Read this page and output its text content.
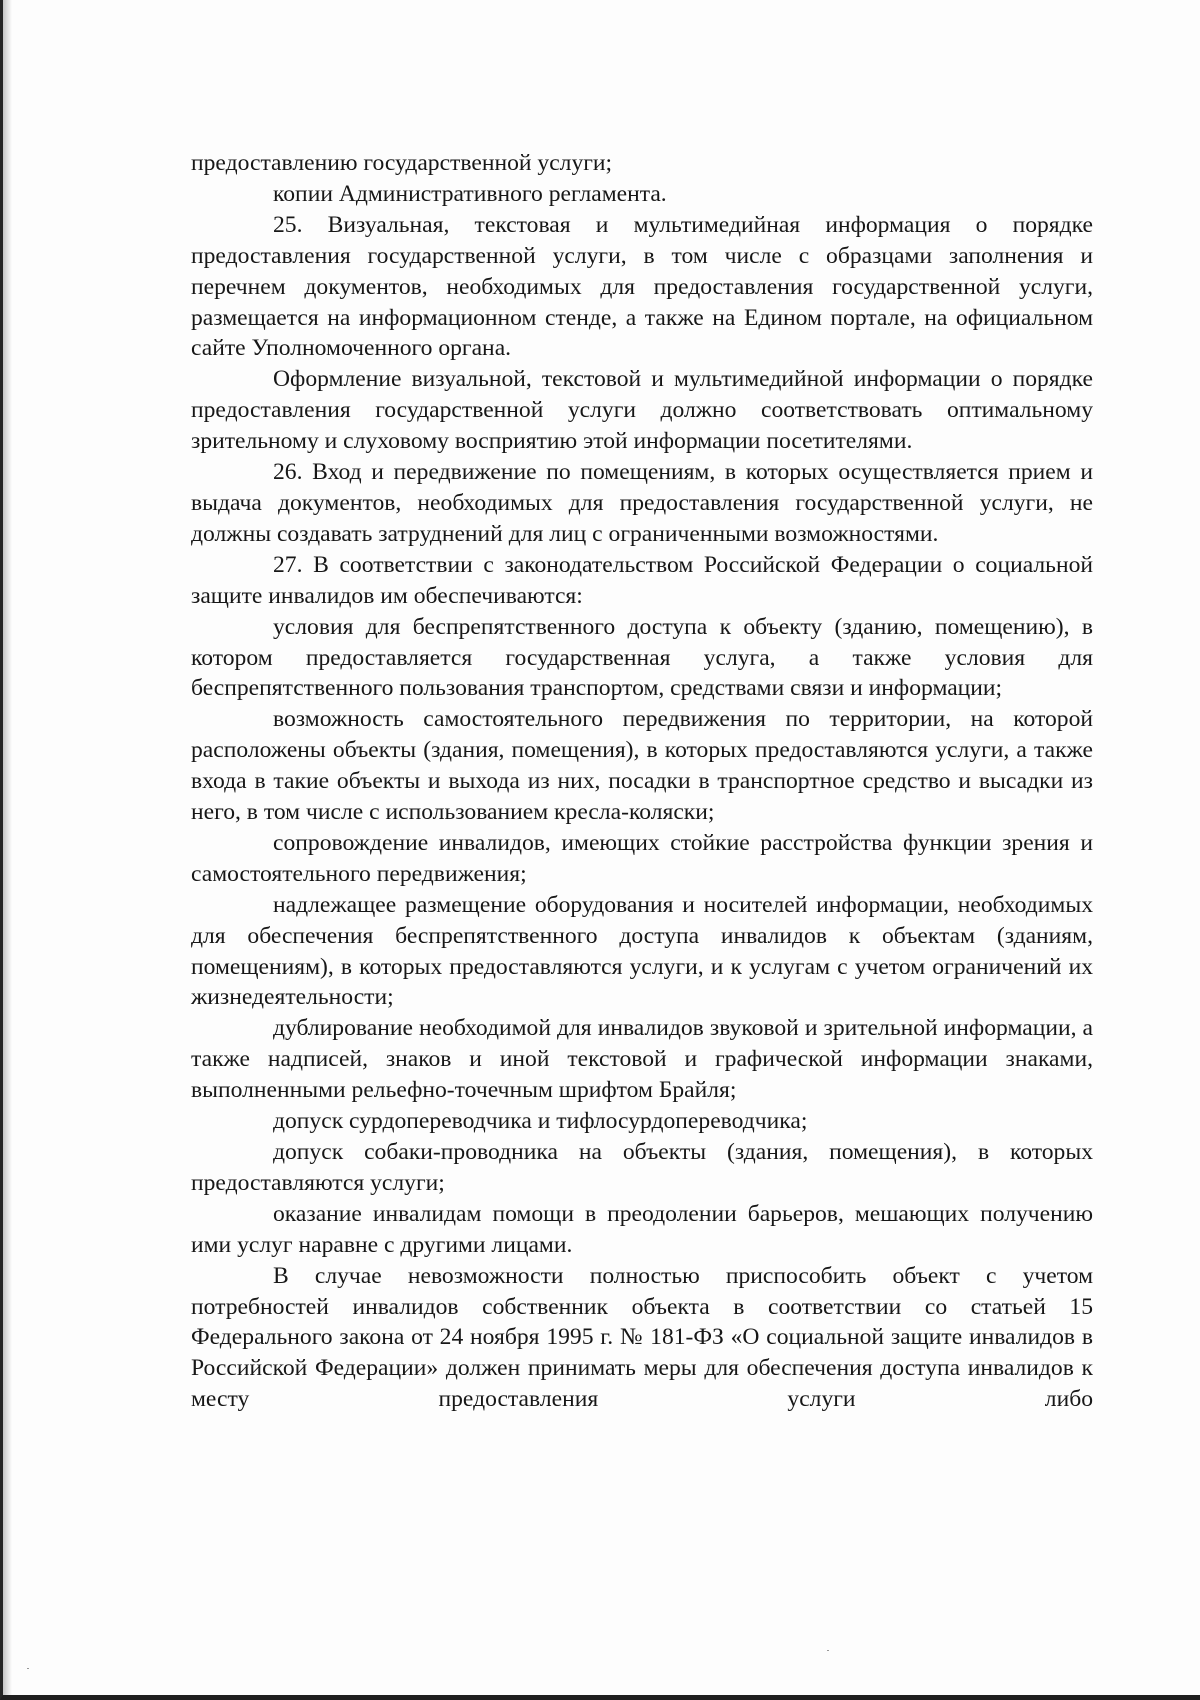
предоставлению государственной услуги;

копии Административного регламента.

25. Визуальная, текстовая и мультимедийная информация о порядке предоставления государственной услуги, в том числе с образцами заполнения и перечнем документов, необходимых для предоставления государственной услуги, размещается на информационном стенде, а также на Едином портале, на официальном сайте Уполномоченного органа.

Оформление визуальной, текстовой и мультимедийной информации о порядке предоставления государственной услуги должно соответствовать оптимальному зрительному и слуховому восприятию этой информации посетителями.

26. Вход и передвижение по помещениям, в которых осуществляется прием и выдача документов, необходимых для предоставления государственной услуги, не должны создавать затруднений для лиц с ограниченными возможностями.

27. В соответствии с законодательством Российской Федерации о социальной защите инвалидов им обеспечиваются:

условия для беспрепятственного доступа к объекту (зданию, помещению), в котором предоставляется государственная услуга, а также условия для беспрепятственного пользования транспортом, средствами связи и информации;

возможность самостоятельного передвижения по территории, на которой расположены объекты (здания, помещения), в которых предоставляются услуги, а также входа в такие объекты и выхода из них, посадки в транспортное средство и высадки из него, в том числе с использованием кресла-коляски;

сопровождение инвалидов, имеющих стойкие расстройства функции зрения и самостоятельного передвижения;

надлежащее размещение оборудования и носителей информации, необходимых для обеспечения беспрепятственного доступа инвалидов к объектам (зданиям, помещениям), в которых предоставляются услуги, и к услугам с учетом ограничений их жизнедеятельности;

дублирование необходимой для инвалидов звуковой и зрительной информации, а также надписей, знаков и иной текстовой и графической информации знаками, выполненными рельефно-точечным шрифтом Брайля;

допуск сурдопереводчика и тифлосурдопереводчика;

допуск собаки-проводника на объекты (здания, помещения), в которых предоставляются услуги;

оказание инвалидам помощи в преодолении барьеров, мешающих получению ими услуг наравне с другими лицами.

В случае невозможности полностью приспособить объект с учетом потребностей инвалидов собственник объекта в соответствии со статьей 15 Федерального закона от 24 ноября 1995 г. № 181-ФЗ «О социальной защите инвалидов в Российской Федерации» должен принимать меры для обеспечения доступа инвалидов к месту предоставления услуги либо
